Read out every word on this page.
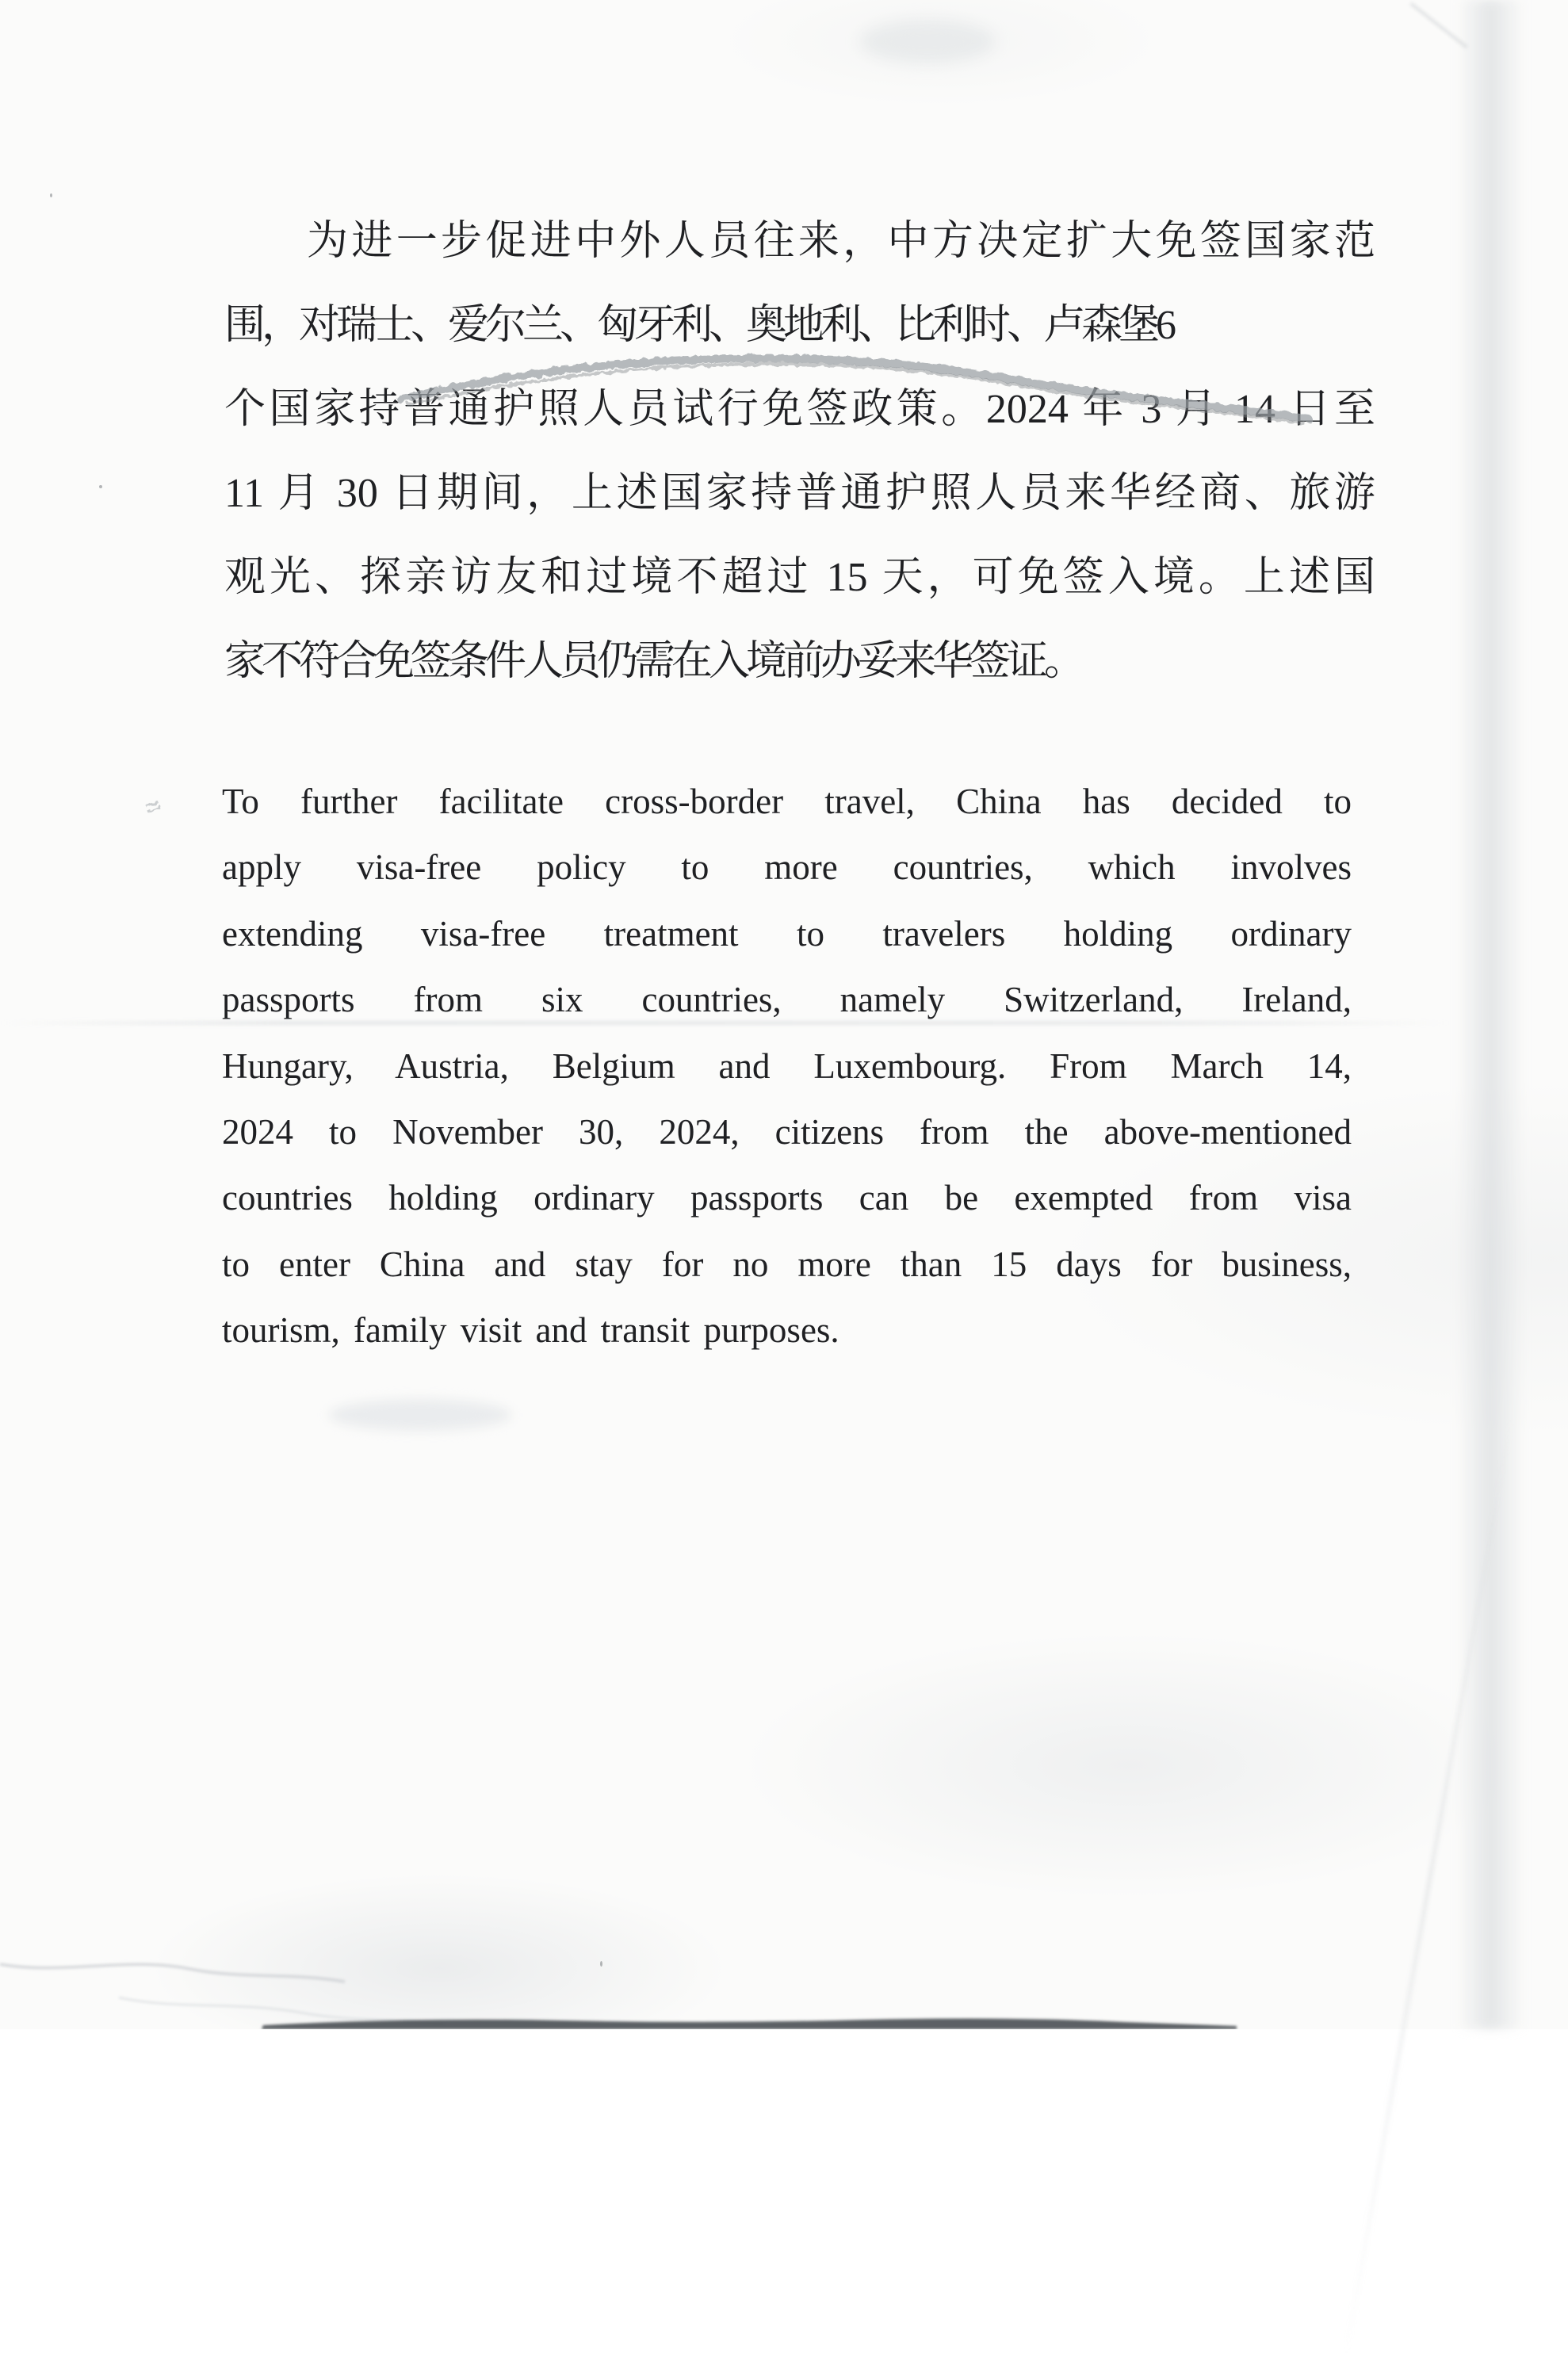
为进一步促进中外人员往来，中方决定扩大免签国家范
围，对瑞士、爱尔兰、匈牙利、奥地利、比利时、卢森堡6
个国家持普通护照人员试行免签政策。2024 年 3 月 14 日至
11 月 30 日期间，上述国家持普通护照人员来华经商、旅游
观光、探亲访友和过境不超过 15 天，可免签入境。上述国
家不符合免签条件人员仍需在入境前办妥来华签证。
To further facilitate cross-border travel, China has decided to
apply visa-free policy to more countries, which involves
extending visa-free treatment to travelers holding ordinary
passports from six countries, namely Switzerland, Ireland,
Hungary, Austria, Belgium and Luxembourg. From March 14,
2024 to November 30, 2024, citizens from the above-mentioned
countries holding ordinary passports can be exempted from visa
to enter China and stay for no more than 15 days for business,
tourism, family visit and transit purposes.
